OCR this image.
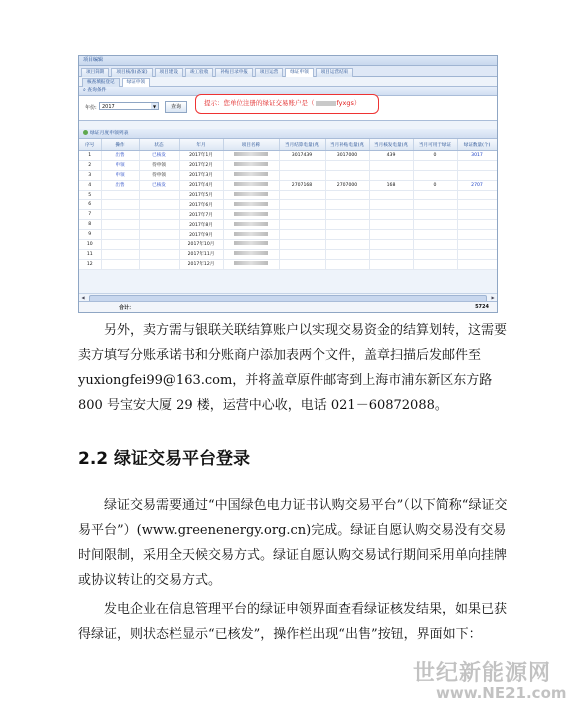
项目编辑
项目简期	项目核准(备案)	项目建设	竣工验收	补贴目录申报	项目运营	绿证申领	项目运营结束
核查填报登记	绿证申领
⌕ 查询条件
年份:	2017	▼	查询	提示：您单位注册的绿证交易账户是（	fyxgs）
绿证月度申领列表
序号	操作	状态	年月	项目名称	当月结算电量(兆	当月补贴电量(兆	当月核发电量(兆	当月可用于绿证	绿证数量(个)
1	出售	已核发	2017年1月		3017439	3017000	439	0	3017
2	申领	待申领	2017年2月						
3	申领	待申领	2017年3月						
4	出售	已核发	2017年4月		2707168	2707000	168	0	2707
5			2017年5月						
6			2017年6月						
7			2017年7月						
8			2017年8月						
9			2017年9月						
10			2017年10月						
11			2017年11月						
12			2017年12月						
◀	▶
合计：	5724
另外，卖方需与银联关联结算账户以实现交易资金的结算划转，这需要卖方填写分账承诺书和分账商户添加表两个文件，盖章扫描后发邮件至yuxiongfei99@163.com，并将盖章原件邮寄到上海市浦东新区东方路 800 号宝安大厦 29 楼，运营中心收，电话 021－60872088。
2.2 绿证交易平台登录
绿证交易需要通过“中国绿色电力证书认购交易平台”（以下简称“绿证交易平台”）(www.greenenergy.org.cn)完成。绿证自愿认购交易没有交易时间限制，采用全天候交易方式。绿证自愿认购交易试行期间采用单向挂牌或协议转让的交易方式。
发电企业在信息管理平台的绿证申领界面查看绿证核发结果，如果已获得绿证，则状态栏显示“已核发”，操作栏出现“出售”按钮，界面如下：
世纪新能源网
www.NE21.com
